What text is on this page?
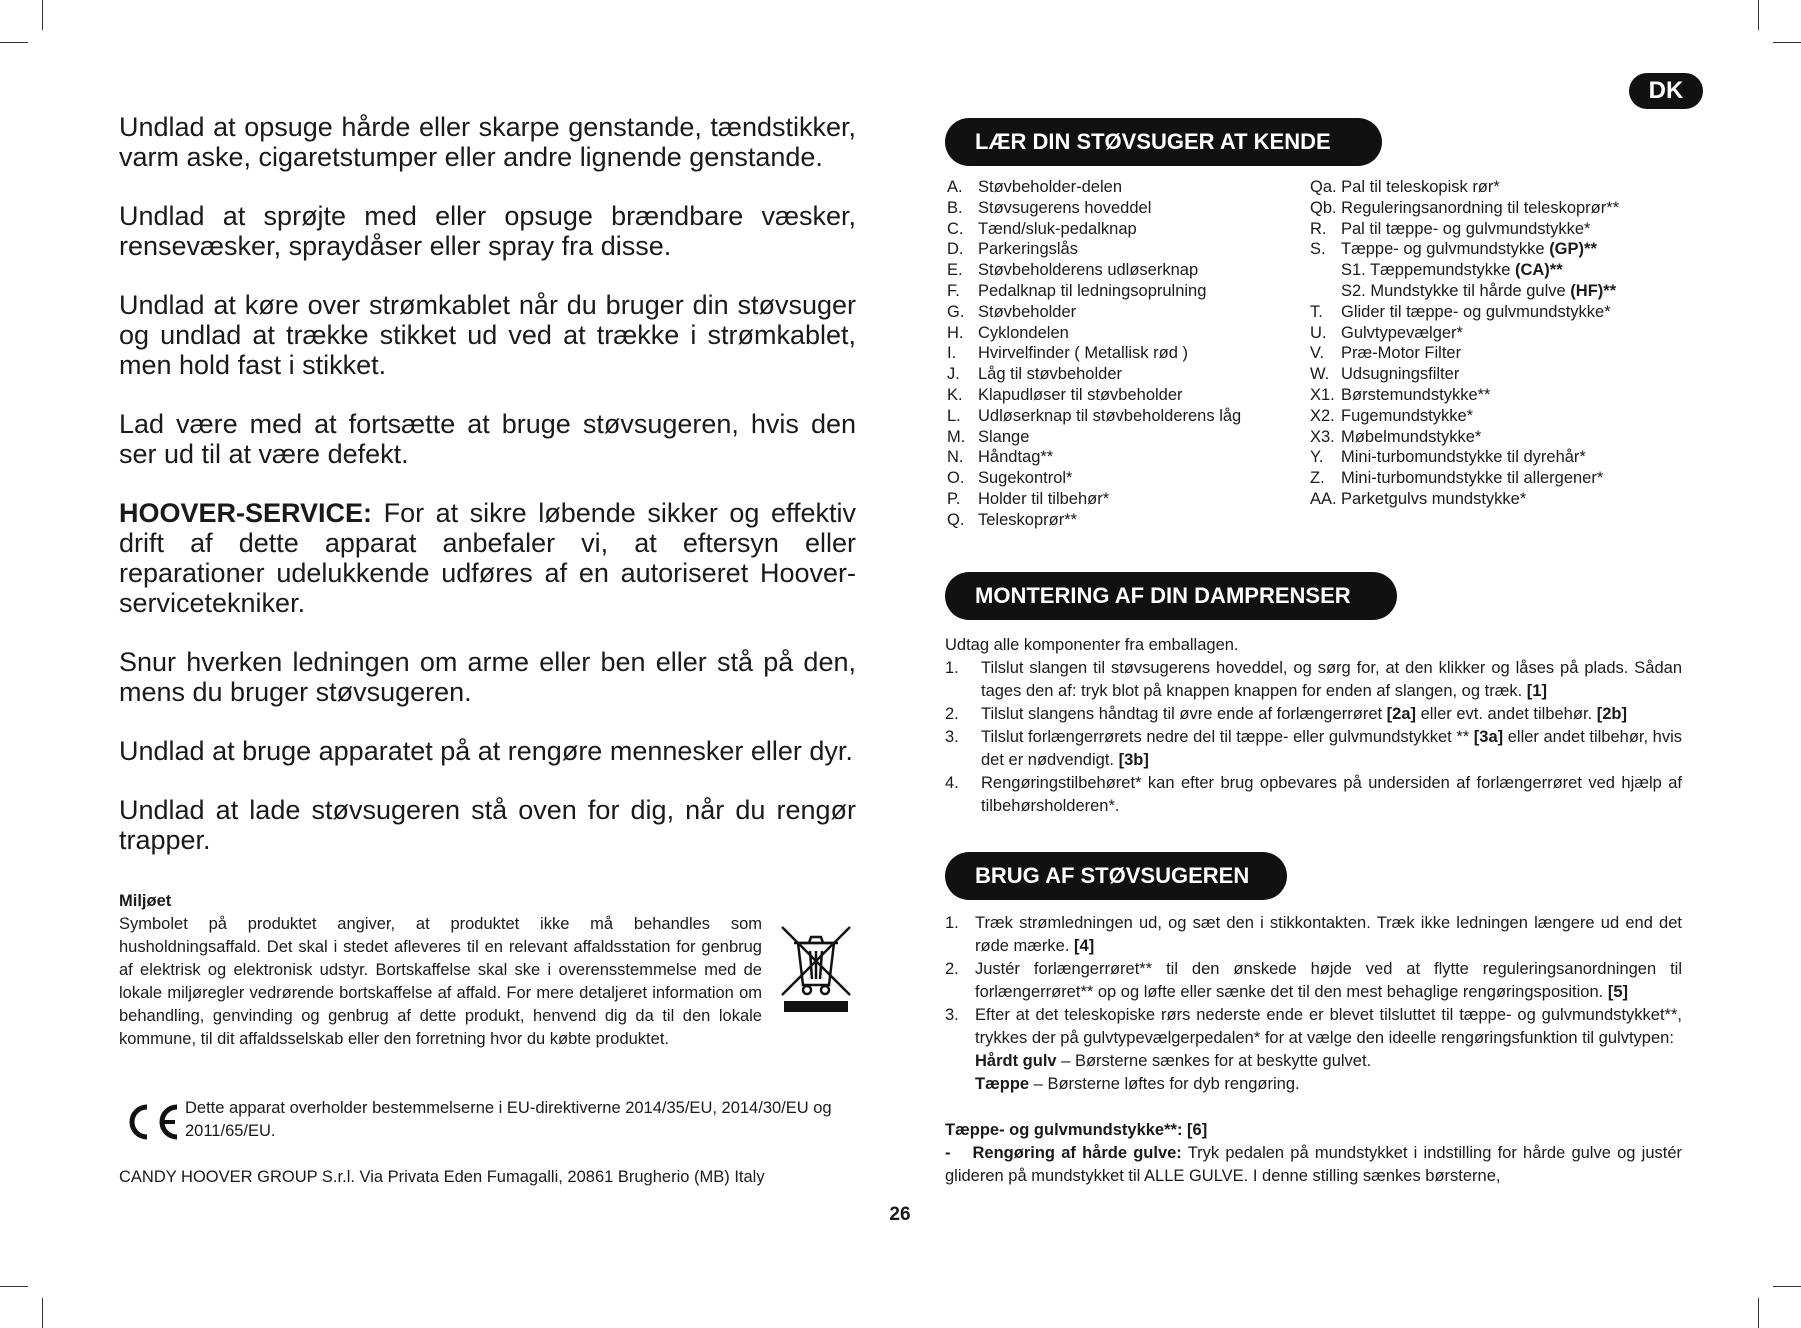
DK

Undlad at opsuge hårde eller skarpe genstande, tændstikker, varm aske, cigaretstumper eller andre lignende genstande.

Undlad at sprøjte med eller opsuge brændbare væsker, rensevæsker, spraydåser eller spray fra disse.

Undlad at køre over strømkablet når du bruger din støvsuger og undlad at trække stikket ud ved at trække i strømkablet, men hold fast i stikket.

Lad være med at fortsætte at bruge støvsugeren, hvis den ser ud til at være defekt.

HOOVER-SERVICE: For at sikre løbende sikker og effektiv drift af dette apparat anbefaler vi, at eftersyn eller reparationer udelukkende udføres af en autoriseret Hoover-servicetekniker.

Snur hverken ledningen om arme eller ben eller stå på den, mens du bruger støvsugeren.

Undlad at bruge apparatet på at rengøre mennesker eller dyr.

Undlad at lade støvsugeren stå oven for dig, når du rengør trapper.

Miljøet

Symbolet på produktet angiver, at produktet ikke må behandles som husholdningsaffald. Det skal i stedet afleveres til en relevant affaldsstation for genbrug af elektrisk og elektronisk udstyr. Bortskaffelse skal ske i overensstemmelse med de lokale miljøregler vedrørende bortskaffelse af affald. For mere detaljeret information om behandling, genvinding og genbrug af dette produkt, henvend dig da til den lokale kommune, til dit affaldsselskab eller den forretning hvor du købte produktet.

Dette apparat overholder bestemmelserne i EU-direktiverne 2014/35/EU, 2014/30/EU og 2011/65/EU.
CANDY HOOVER GROUP S.r.l. Via Privata Eden Fumagalli, 20861 Brugherio (MB) Italy
26
LÆR DIN STØVSUGER AT KENDE
A. Støvbeholder-delen
B. Støvsugerens hoveddel
C. Tænd/sluk-pedalknap
D. Parkeringslås
E. Støvbeholderens udløserknap
F. Pedalknap til ledningsoprulning
G. Støvbeholder
H. Cyklondelen
I. Hvirvelfinder ( Metallisk rød )
J. Låg til støvbeholder
K. Klapudløser til støvbeholder
L. Udløserknap til støvbeholderens låg
M. Slange
N. Håndtag**
O. Sugekontrol*
P. Holder til tilbehør*
Q. Teleskoprør**
Qa. Pal til teleskopisk rør*
Qb. Reguleringsanordning til teleskoprør**
R. Pal til tæppe- og gulvmundstykke*
S. Tæppe- og gulvmundstykke (GP)**
S1. Tæppemundstykke (CA)**
S2. Mundstykke til hårde gulve (HF)**
T. Glider til tæppe- og gulvmundstykke*
U. Gulvtypevælger*
V. Præ-Motor Filter
W. Udsugningsfilter
X1. Børstemundstykke**
X2. Fugemundstykke*
X3. Møbelmundstykke*
Y. Mini-turbomundstykke til dyrehår*
Z. Mini-turbomundstykke til allergener*
AA. Parketgulvs mundstykke*
MONTERING AF DIN DAMPRENSER

Udtag alle komponenter fra emballagen.

1. Tilslut slangen til støvsugerens hoveddel, og sørg for, at den klikker og låses på plads. Sådan tages den af: tryk blot på knappen knappen for enden af slangen, og træk. [1]
2. Tilslut slangens håndtag til øvre ende af forlængerrøret [2a] eller evt. andet tilbehør. [2b]
3. Tilslut forlængerrørets nedre del til tæppe- eller gulvmundstykket ** [3a] eller andet tilbehør, hvis det er nødvendigt. [3b]
4. Rengøringstilbehøret* kan efter brug opbevares på undersiden af forlængerrøret ved hjælp af tilbehørsholderen*.
BRUG AF STØVSUGEREN
1. Træk strømledningen ud, og sæt den i stikkontakten. Træk ikke ledningen længere ud end det røde mærke. [4]
2. Justér forlængerrøret** til den ønskede højde ved at flytte reguleringsanordningen til forlængerrøret** op og løfte eller sænke det til den mest behaglige rengøringsposition. [5]
3. Efter at det teleskopiske rørs nederste ende er blevet tilsluttet til tæppe- og gulvmundstykket**, trykkes der på gulvtypevælgerpedalen* for at vælge den ideelle rengøringsfunktion til gulvtypen:
Hårdt gulv – Børsterne sænkes for at beskytte gulvet.
Tæppe – Børsterne løftes for dyb rengøring.

Tæppe- og gulvmundstykke**: [6]

- Rengøring af hårde gulve: Tryk pedalen på mundstykket i indstilling for hårde gulve og justér glideren på mundstykket til ALLE GULVE. I denne stilling sænkes børsterne,
